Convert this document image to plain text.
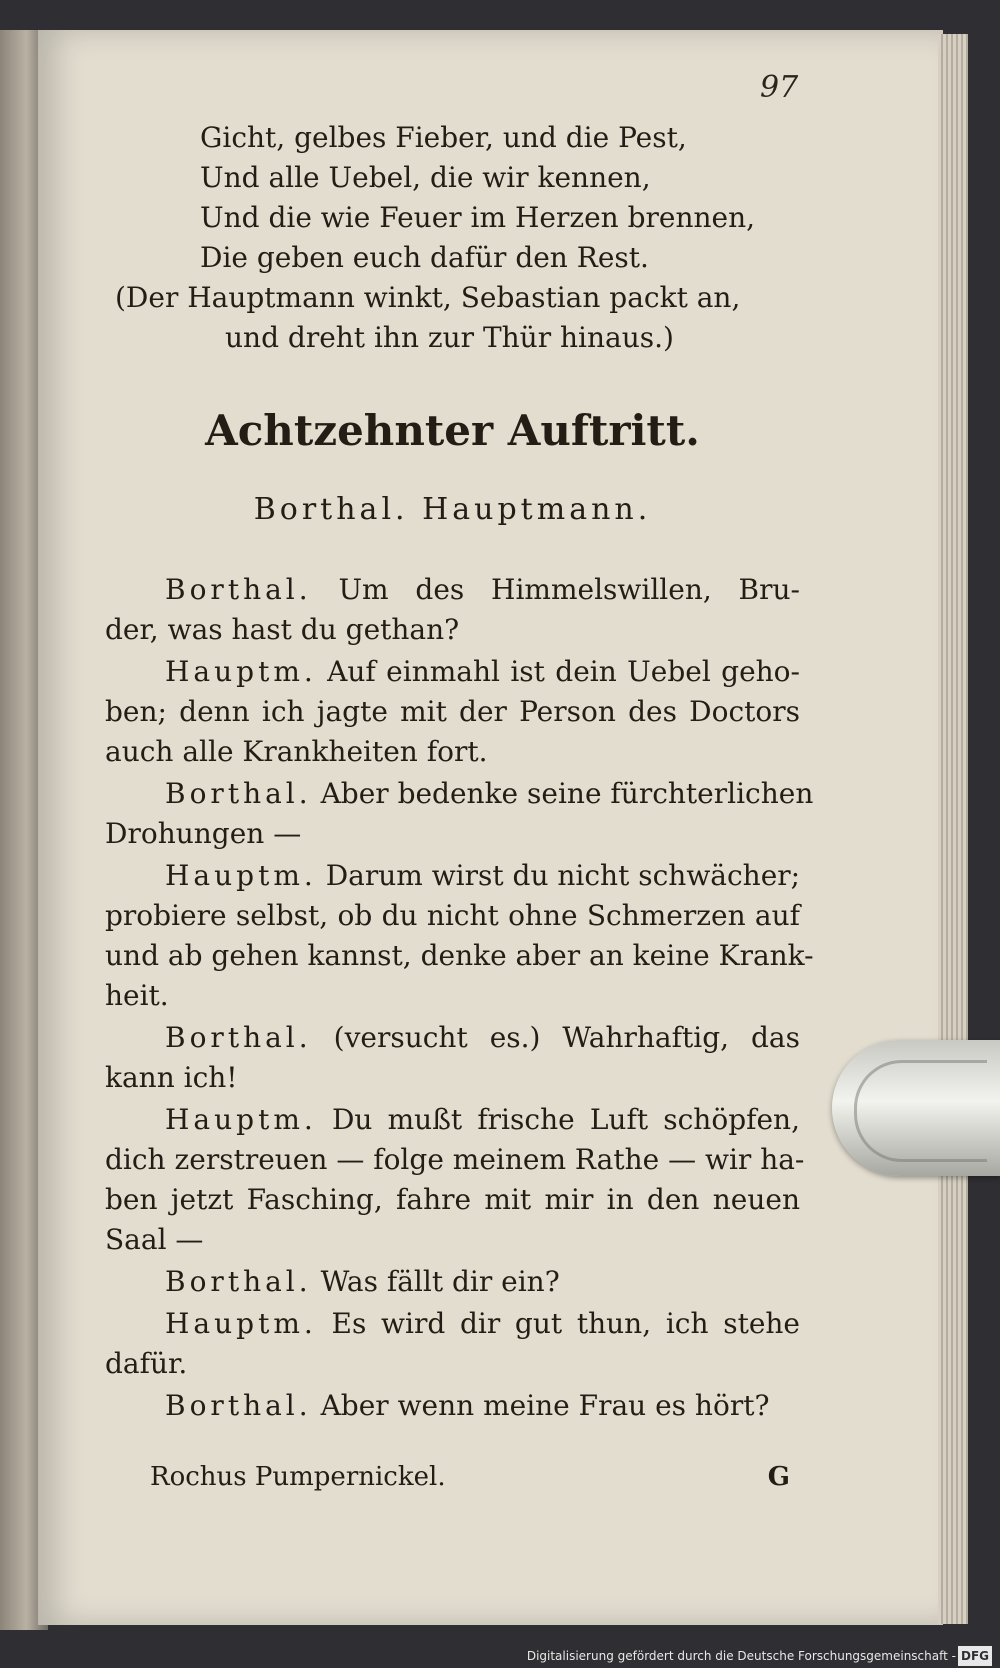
97
Gicht, gelbes Fieber, und die Pest,
Und alle Uebel, die wir kennen,
Und die wie Feuer im Herzen brennen,
Die geben euch dafür den Rest.
(Der Hauptmann winkt, Sebastian packt an,
und dreht ihn zur Thür hinaus.)
Achtzehnter Auftritt.
Borthal. Hauptmann.
Borthal. Um des Himmelswillen, Bru-
der, was hast du gethan?
Hauptm. Auf einmahl ist dein Uebel geho-
ben; denn ich jagte mit der Person des Doctors
auch alle Krankheiten fort.
Borthal. Aber bedenke seine fürchterlichen
Drohungen —
Hauptm. Darum wirst du nicht schwächer;
probiere selbst, ob du nicht ohne Schmerzen auf
und ab gehen kannst, denke aber an keine Krank-
heit.
Borthal. (versucht es.) Wahrhaftig, das
kann ich!
Hauptm. Du mußt frische Luft schöpfen,
dich zerstreuen — folge meinem Rathe — wir ha-
ben jetzt Fasching, fahre mit mir in den neuen
Saal —
Borthal. Was fällt dir ein?
Hauptm. Es wird dir gut thun, ich stehe
dafür.
Borthal. Aber wenn meine Frau es hört?
Rochus Pumpernickel.	G
Digitalisierung gefördert durch die Deutsche Forschungsgemeinschaft - DFG
